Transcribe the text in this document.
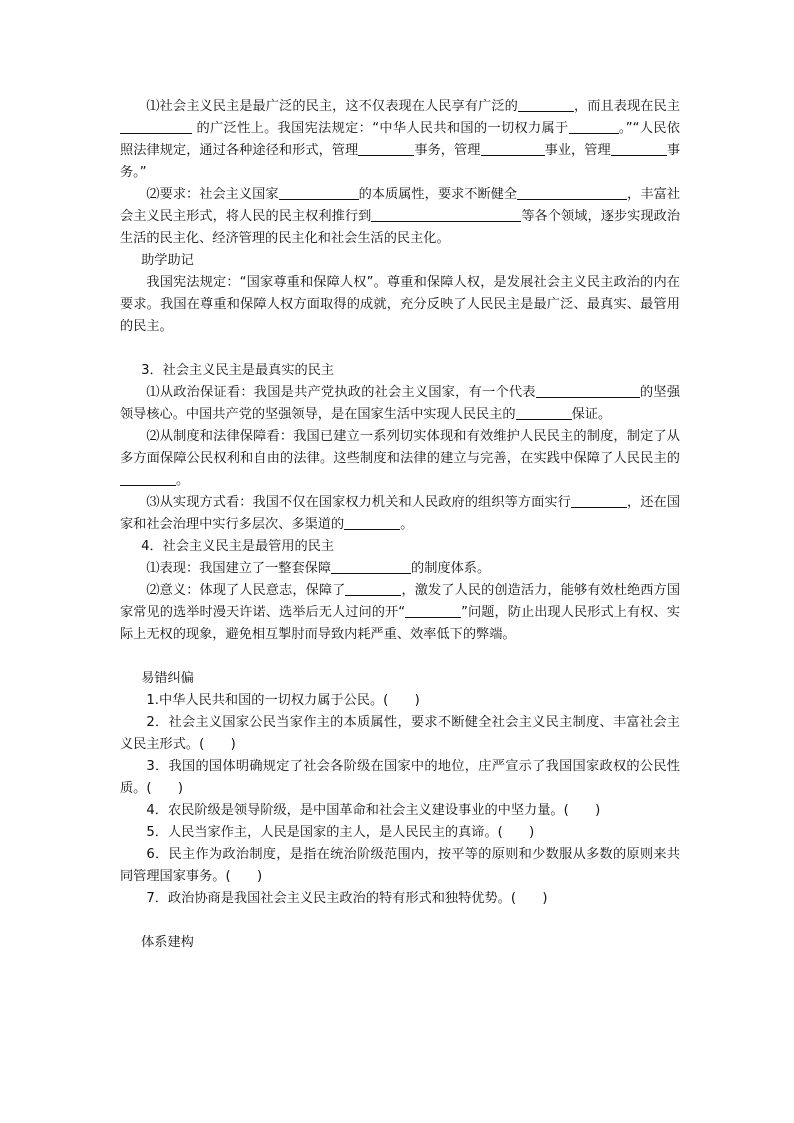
⑴社会主义民主是最广泛的民主，这不仅表现在人民享有广泛的	，而且表现在民主  的广泛性上。我国宪法规定：“中华人民共和国的一切权力属于	。”“人民依照法律规定，通过各种途径和形式，管理	事务，管理	事业，管理	事务。”

⑵要求：社会主义国家	的本质属性，要求不断健全	，丰富社会主义民主形式，将人民的民主权利推行到	等各个领域，逐步实现政治生活的民主化、经济管理的民主化和社会生活的民主化。

助学助记

我国宪法规定：“国家尊重和保障人权”。尊重和保障人权，是发展社会主义民主政治的内在要求。我国在尊重和保障人权方面取得的成就，充分反映了人民民主是最广泛、最真实、最管用的民主。

3．社会主义民主是最真实的民主

⑴从政治保证看：我国是共产党执政的社会主义国家，有一个代表	的坚强领导核心。中国共产党的坚强领导，是在国家生活中实现人民民主的	保证。

⑵从制度和法律保障看：我国已建立一系列切实体现和有效维护人民民主的制度，制定了从多方面保障公民权利和自由的法律。这些制度和法律的建立与完善，在实践中保障了人民民主的。

⑶从实现方式看：我国不仅在国家权力机关和人民政府的组织等方面实行	，还在国家和社会治理中实行多层次、多渠道的	。

4．社会主义民主是最管用的民主

⑴表现：我国建立了一整套保障	的制度体系。

⑵意义：体现了人民意志，保障了	，激发了人民的创造活力，能够有效杜绝西方国家常见的选举时漫天许诺、选举后无人过问的开“	”问题，防止出现人民形式上有权、实际上无权的现象，避免相互掣肘而导致内耗严重、效率低下的弊端。

易错纠偏

1.中华人民共和国的一切权力属于公民。(　　)

2．社会主义国家公民当家作主的本质属性，要求不断健全社会主义民主制度、丰富社会主义民主形式。(　　)

3．我国的国体明确规定了社会各阶级在国家中的地位，庄严宣示了我国国家政权的公民性质。(　　)

4．农民阶级是领导阶级，是中国革命和社会主义建设事业的中坚力量。(　　)

5．人民当家作主，人民是国家的主人，是人民民主的真谛。(　　)

6．民主作为政治制度，是指在统治阶级范围内，按平等的原则和少数服从多数的原则来共同管理国家事务。(　　)

7．政治协商是我国社会主义民主政治的特有形式和独特优势。(　　)

体系建构
